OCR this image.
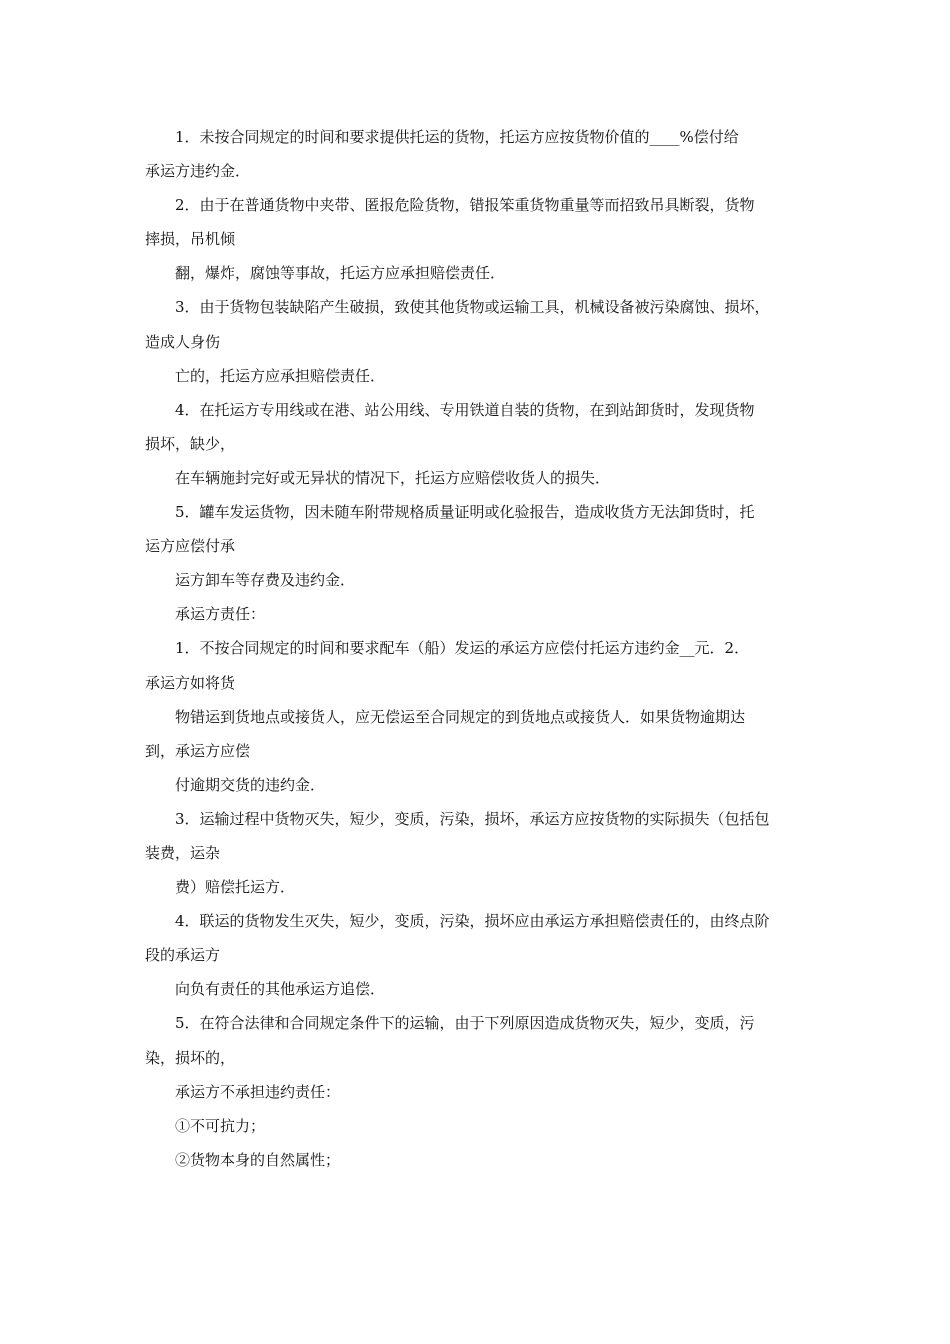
1．未按合同规定的时间和要求提供托运的货物，托运方应按货物价值的____%偿付给
承运方违约金．
2．由于在普通货物中夹带、匿报危险货物，错报笨重货物重量等而招致吊具断裂，货物
摔损，吊机倾
翻，爆炸，腐蚀等事故，托运方应承担赔偿责任．
3．由于货物包装缺陷产生破损，致使其他货物或运输工具，机械设备被污染腐蚀、损坏，
造成人身伤
亡的，托运方应承担赔偿责任．
4．在托运方专用线或在港、站公用线、专用铁道自装的货物，在到站卸货时，发现货物
损坏，缺少，
在车辆施封完好或无异状的情况下，托运方应赔偿收货人的损失．
5．罐车发运货物，因未随车附带规格质量证明或化验报告，造成收货方无法卸货时，托
运方应偿付承
运方卸车等存费及违约金．
承运方责任：
1．不按合同规定的时间和要求配车（船）发运的承运方应偿付托运方违约金__元．2．
承运方如将货
物错运到货地点或接货人，应无偿运至合同规定的到货地点或接货人．如果货物逾期达
到，承运方应偿
付逾期交货的违约金．
3．运输过程中货物灭失，短少，变质，污染，损坏，承运方应按货物的实际损失（包括包
装费，运杂
费）赔偿托运方．
4．联运的货物发生灭失，短少，变质，污染，损坏应由承运方承担赔偿责任的，由终点阶
段的承运方
向负有责任的其他承运方追偿．
5．在符合法律和合同规定条件下的运输，由于下列原因造成货物灭失，短少，变质，污
染，损坏的，
承运方不承担违约责任：
①不可抗力；
②货物本身的自然属性；
